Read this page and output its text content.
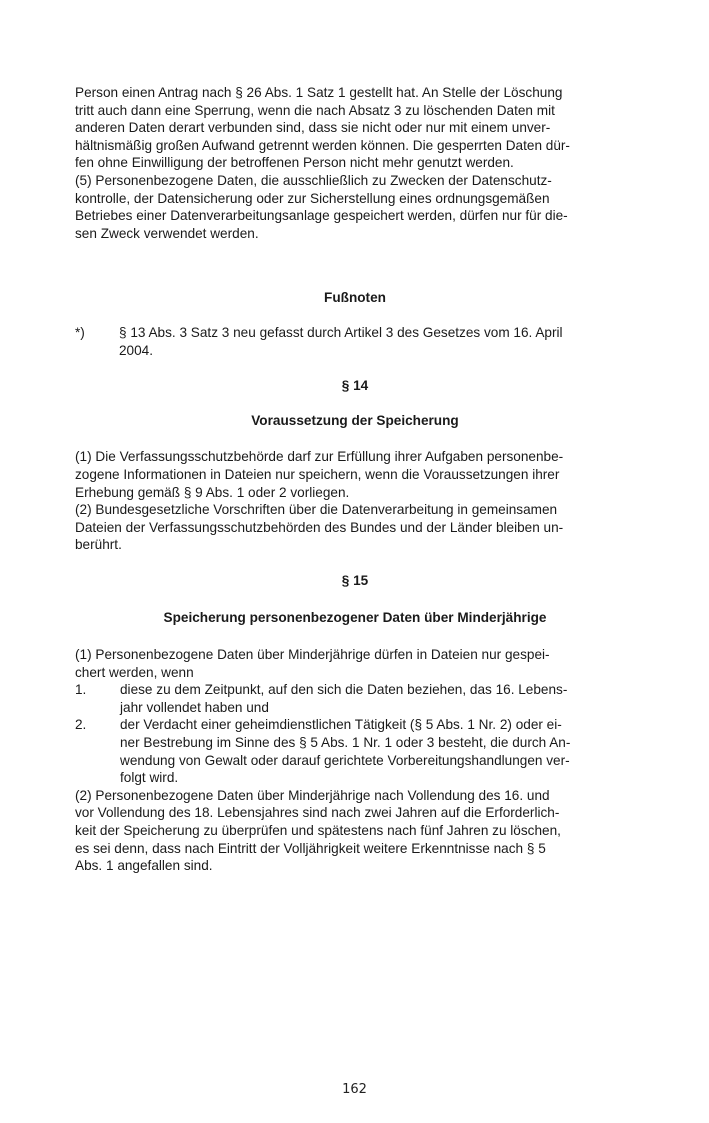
Person einen Antrag nach § 26 Abs. 1 Satz 1 gestellt hat. An Stelle der Löschung

tritt auch dann eine Sperrung, wenn die nach Absatz 3 zu löschenden Daten mit

anderen Daten derart verbunden sind, dass sie nicht oder nur mit einem unver-

hältnismäßig großen Aufwand getrennt werden können. Die gesperrten Daten dür-

fen ohne Einwilligung der betroffenen Person nicht mehr genutzt werden.

(5) Personenbezogene Daten, die ausschließlich zu Zwecken der Datenschutz-

kontrolle, der Datensicherung oder zur Sicherstellung eines ordnungsgemäßen

Betriebes einer Datenverarbeitungsanlage gespeichert werden, dürfen nur für die-

sen Zweck verwendet werden.

Fußnoten

*)	§ 13 Abs. 3 Satz 3 neu gefasst durch Artikel 3 des Gesetzes vom 16. April

2004.

§ 14

Voraussetzung der Speicherung

(1) Die Verfassungsschutzbehörde darf zur Erfüllung ihrer Aufgaben personenbe-

zogene Informationen in Dateien nur speichern, wenn die Voraussetzungen ihrer

Erhebung gemäß § 9 Abs. 1 oder 2 vorliegen.

(2) Bundesgesetzliche Vorschriften über die Datenverarbeitung in gemeinsamen

Dateien der Verfassungsschutzbehörden des Bundes und der Länder bleiben un-

berührt.

§ 15

Speicherung personenbezogener Daten über Minderjährige

(1) Personenbezogene Daten über Minderjährige dürfen in Dateien nur gespei-

chert werden, wenn

1. diese zu dem Zeitpunkt, auf den sich die Daten beziehen, das 16. Lebens-

jahr vollendet haben und

2. der Verdacht einer geheimdienstlichen Tätigkeit (§ 5 Abs. 1 Nr. 2) oder ei-

ner Bestrebung im Sinne des § 5 Abs. 1 Nr. 1 oder 3 besteht, die durch An-

wendung von Gewalt oder darauf gerichtete Vorbereitungshandlungen ver-

folgt wird.

(2) Personenbezogene Daten über Minderjährige nach Vollendung des 16. und

vor Vollendung des 18. Lebensjahres sind nach zwei Jahren auf die Erforderlich-

keit der Speicherung zu überprüfen und spätestens nach fünf Jahren zu löschen,

es sei denn, dass nach Eintritt der Volljährigkeit weitere Erkenntnisse nach § 5

Abs. 1 angefallen sind.

162
